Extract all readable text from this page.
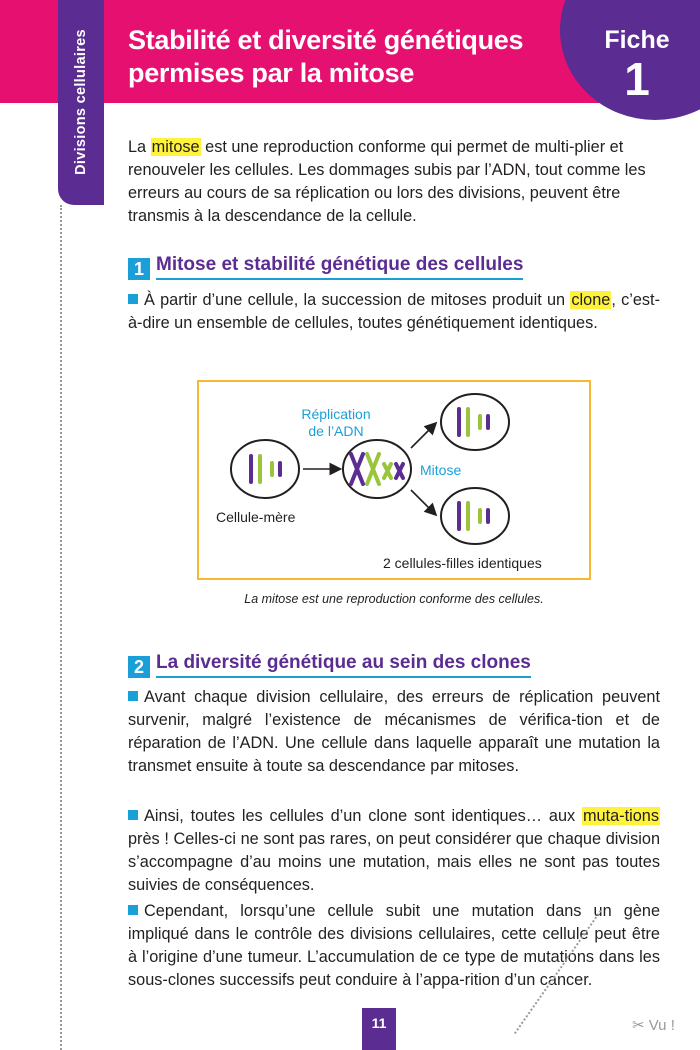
Stabilité et diversité génétiques
permises par la mitose
Fiche
1
Divisions cellulaires La mitose est une reproduction conforme qui permet de multi-plier et renouveler les cellules. Les dommages subis par l’ADN, tout comme les erreurs au cours de sa réplication ou lors des divisions, peuvent être transmis à la descendance de la cellule.

1 Mitose et stabilité génétique des cellules

À partir d’une cellule, la succession de mitoses produit un clone, c’est-à-dire un ensemble de cellules, toutes génétiquement identiques.

Réplication
de l’ADN
Mitose
Cellule-mère
2 cellules-filles identiques
La mitose est une reproduction conforme des cellules.
2 La diversité génétique au sein des clones

Avant chaque division cellulaire, des erreurs de réplication peuvent survenir, malgré l’existence de mécanismes de vérifica-tion et de réparation de l’ADN. Une cellule dans laquelle apparaît une mutation la transmet ensuite à toute sa descendance par mitoses.

Ainsi, toutes les cellules d’un clone sont identiques… aux muta-tions près ! Celles-ci ne sont pas rares, on peut considérer que chaque division s’accompagne d’au moins une mutation, mais elles ne sont pas toutes suivies de conséquences.

Cependant, lorsqu’une cellule subit une mutation dans un gène impliqué dans le contrôle des divisions cellulaires, cette cellule peut être à l’origine d’une tumeur. L’accumulation de ce type de mutations dans les sous-clones successifs peut conduire à l’appa-rition d’un cancer.

11	✂ Vu !
